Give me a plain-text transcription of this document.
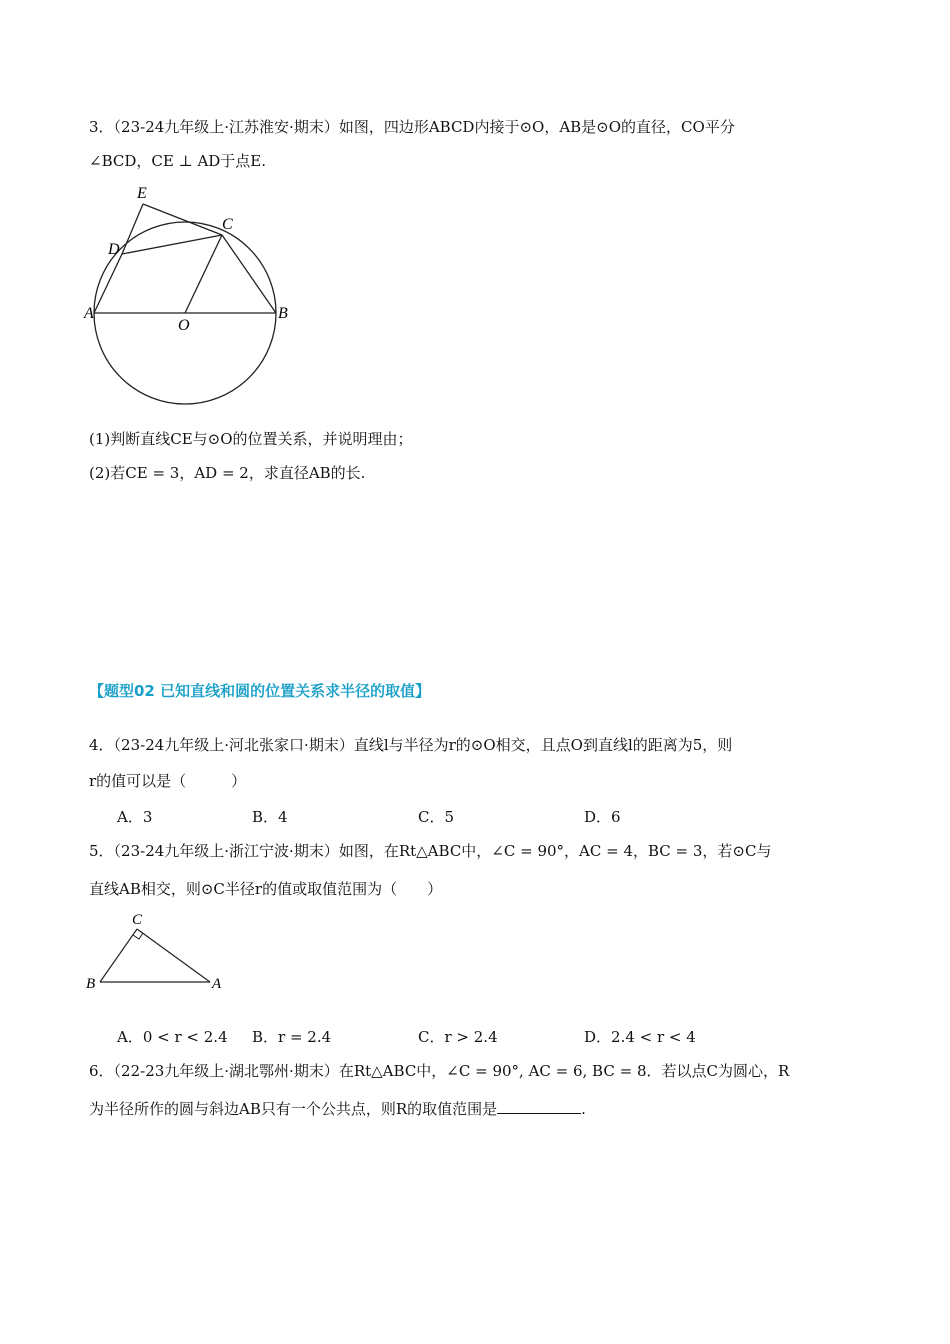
3．（23-24九年级上·江苏淮安·期末）如图，四边形ABCD内接于⊙O，AB是⊙O的直径，CO平分
∠BCD，CE ⊥ AD于点E.
E
C
D
A
O
B
(1)判断直线CE与⊙O的位置关系，并说明理由；
(2)若CE = 3，AD = 2，求直径AB的长.
【题型02 已知直线和圆的位置关系求半径的取值】
4．（23-24九年级上·河北张家口·期末）直线l与半径为r的⊙O相交，且点O到直线l的距离为5，则
r的值可以是（　　　）
A．3	B．4	C．5	D．6
5．（23-24九年级上·浙江宁波·期末）如图，在Rt△ABC中，∠C = 90°，AC = 4，BC = 3，若⊙C与
直线AB相交，则⊙C半径r的值或取值范围为（　　）
C
B	A
A．0 < r < 2.4 B．r = 2.4	C．r > 2.4	D．2.4 < r < 4
6．（22-23九年级上·湖北鄂州·期末）在Rt△ABC中，∠C = 90°, AC = 6, BC = 8．若以点C为圆心，R
为半径所作的圆与斜边AB只有一个公共点，则R的取值范围是	.
